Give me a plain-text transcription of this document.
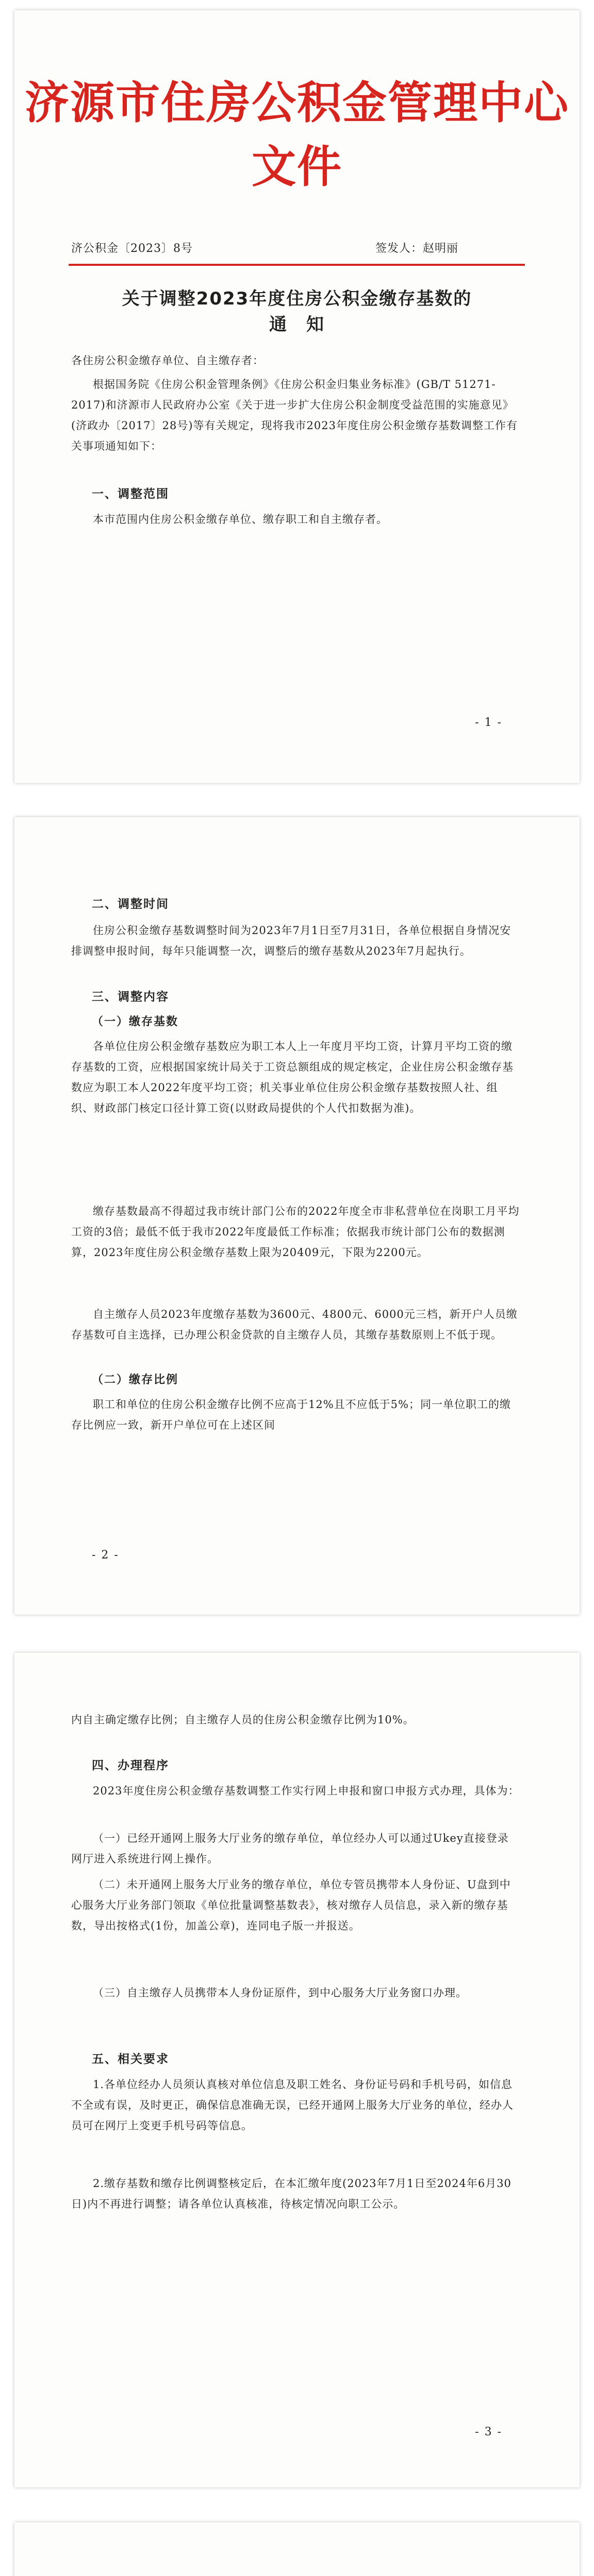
济源市住房公积金管理中心文件
济公积金〔2023〕8号	签发人：赵明丽
关于调整2023年度住房公积金缴存基数的
通　知

各住房公积金缴存单位、自主缴存者：

根据国务院《住房公积金管理条例》《住房公积金归集业务标准》(GB/T 51271-2017)和济源市人民政府办公室《关于进一步扩大住房公积金制度受益范围的实施意见》(济政办〔2017〕28号)等有关规定，现将我市2023年度住房公积金缴存基数调整工作有关事项通知如下：

一、调整范围

本市范围内住房公积金缴存单位、缴存职工和自主缴存者。

- 1 -
二、调整时间

住房公积金缴存基数调整时间为2023年7月1日至7月31日，各单位根据自身情况安排调整申报时间，每年只能调整一次，调整后的缴存基数从2023年7月起执行。

三、调整内容
（一）缴存基数

各单位住房公积金缴存基数应为职工本人上一年度月平均工资，计算月平均工资的缴存基数的工资，应根据国家统计局关于工资总额组成的规定核定，企业住房公积金缴存基数应为职工本人2022年度平均工资；机关事业单位住房公积金缴存基数按照人社、组织、财政部门核定口径计算工资(以财政局提供的个人代扣数据为准)。

缴存基数最高不得超过我市统计部门公布的2022年度全市非私营单位在岗职工月平均工资的3倍；最低不低于我市2022年度最低工作标准；依据我市统计部门公布的数据测算，2023年度住房公积金缴存基数上限为20409元，下限为2200元。

自主缴存人员2023年度缴存基数为3600元、4800元、6000元三档，新开户人员缴存基数可自主选择，已办理公积金贷款的自主缴存人员，其缴存基数原则上不低于现。

（二）缴存比例

职工和单位的住房公积金缴存比例不应高于12%且不应低于5%；同一单位职工的缴存比例应一致，新开户单位可在上述区间

- 2 -

内自主确定缴存比例；自主缴存人员的住房公积金缴存比例为10%。

四、办理程序

2023年度住房公积金缴存基数调整工作实行网上申报和窗口申报方式办理，具体为：

（一）已经开通网上服务大厅业务的缴存单位，单位经办人可以通过Ukey直接登录网厅进入系统进行网上操作。

（二）未开通网上服务大厅业务的缴存单位，单位专管员携带本人身份证、U盘到中心服务大厅业务部门领取《单位批量调整基数表》，核对缴存人员信息，录入新的缴存基数，导出按格式(1份，加盖公章)，连同电子版一并报送。

（三）自主缴存人员携带本人身份证原件，到中心服务大厅业务窗口办理。

五、相关要求

1.各单位经办人员须认真核对单位信息及职工姓名、身份证号码和手机号码，如信息不全或有误，及时更正，确保信息准确无误，已经开通网上服务大厅业务的单位，经办人员可在网厅上变更手机号码等信息。

2.缴存基数和缴存比例调整核定后，在本汇缴年度(2023年7月1日至2024年6月30日)内不再进行调整；请各单位认真核准，待核定情况向职工公示。

- 3 -
